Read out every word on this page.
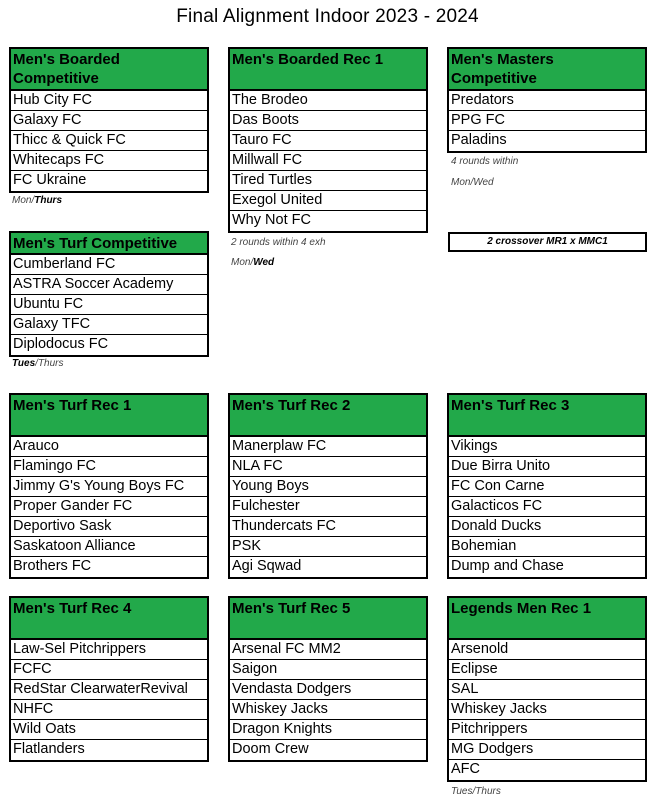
Final Alignment Indoor 2023 - 2024
Men's Boarded Competitive
Hub City FC
Galaxy FC
Thicc & Quick FC
Whitecaps FC
FC Ukraine
Mon/Thurs
Men's Boarded Rec 1
The Brodeo
Das Boots
Tauro FC
Millwall FC
Tired Turtles
Exegol United
Why Not FC
2 rounds within 4 exh
Mon/Wed
Men's Masters Competitive
Predators
PPG FC
Paladins
4 rounds within
Mon/Wed
2 crossover MR1 x MMC1
Men's Turf Competitive
Cumberland FC
ASTRA Soccer Academy
Ubuntu FC
Galaxy TFC
Diplodocus FC
Tues/Thurs
Men's Turf Rec 1
Arauco
Flamingo FC
Jimmy G's Young Boys FC
Proper Gander FC
Deportivo Sask
Saskatoon Alliance
Brothers FC
Men's Turf Rec 2
Manerplaw FC
NLA FC
Young Boys
Fulchester
Thundercats FC
PSK
Agi Sqwad
Men's Turf Rec 3
Vikings
Due Birra Unito
FC Con Carne
Galacticos FC
Donald Ducks
Bohemian
Dump and Chase
Men's Turf Rec 4
Law-Sel Pitchrippers
FCFC
RedStar ClearwaterRevival
NHFC
Wild Oats
Flatlanders
Men's Turf Rec 5
Arsenal FC MM2
Saigon
Vendasta Dodgers
Whiskey Jacks
Dragon Knights
Doom Crew
Legends Men Rec 1
Arsenold
Eclipse
SAL
Whiskey Jacks
Pitchrippers
MG Dodgers
AFC
Tues/Thurs
